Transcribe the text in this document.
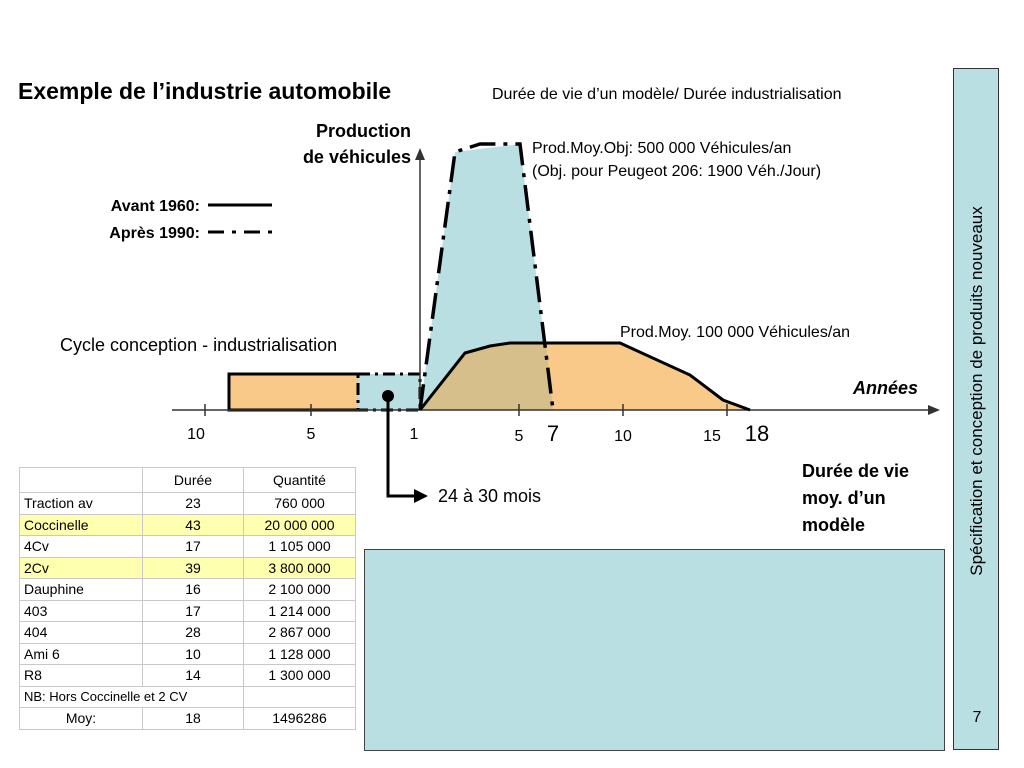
Exemple de l’industrie automobile	Durée de vie d’un modèle/ Durée industrialisation
Production
de véhicules
Avant 1960:
Après 1990:
Prod.Moy.Obj: 500 000 Véhicules/an
(Obj. pour Peugeot 206: 1900 Véh./Jour)
Prod.Moy. 100 000 Véhicules/an
Cycle conception - industrialisation
Années
10	5	1	5 7	10	15 18
24 à 30 mois
Durée de vie moy. d’un modèle
	Durée	Quantité
Traction av	23	760 000
Coccinelle	43	20 000 000
4Cv	17	1 105 000
2Cv	39	3 800 000
Dauphine	16	2 100 000
403	17	1 214 000
404	28	2 867 000
Ami 6	10	1 128 000
R8	14	1 300 000
NB: Hors Coccinelle et 2 CV		
Moy:	18	1496286
Spécification et conception de produits nouveaux
7
